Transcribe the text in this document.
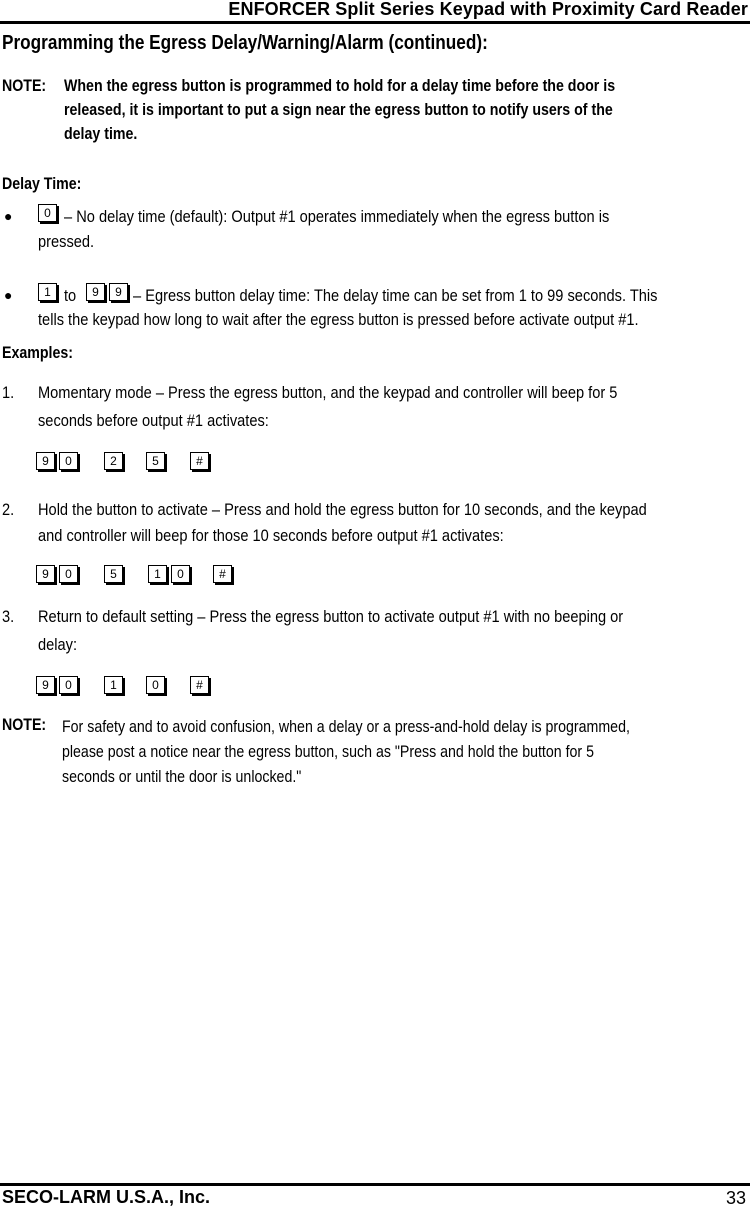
ENFORCER Split Series Keypad with Proximity Card Reader
Programming the Egress Delay/Warning/Alarm (continued):
NOTE: When the egress button is programmed to hold for a delay time before the door is
released, it is important to put a sign near the egress button to notify users of the
delay time.
Delay Time:
●	0 – No delay time (default): Output #1 operates immediately when the egress button is
pressed.
●	1 to	9 9 – Egress button delay time: The delay time can be set from 1 to 99 seconds. This
tells the keypad how long to wait after the egress button is pressed before activate output #1.
Examples:
1. Momentary mode – Press the egress button, and the keypad and controller will beep for 5
seconds before output #1 activates:
9 0	2	5	#
2. Hold the button to activate – Press and hold the egress button for 10 seconds, and the keypad
and controller will beep for those 10 seconds before output #1 activates:
9 0	5	1 0	#
3. Return to default setting – Press the egress button to activate output #1 with no beeping or
delay:
9 0	1	0	#
NOTE: For safety and to avoid confusion, when a delay or a press-and-hold delay is programmed,
please post a notice near the egress button, such as "Press and hold the button for 5
seconds or until the door is unlocked."
SECO-LARM U.S.A., Inc.	33
